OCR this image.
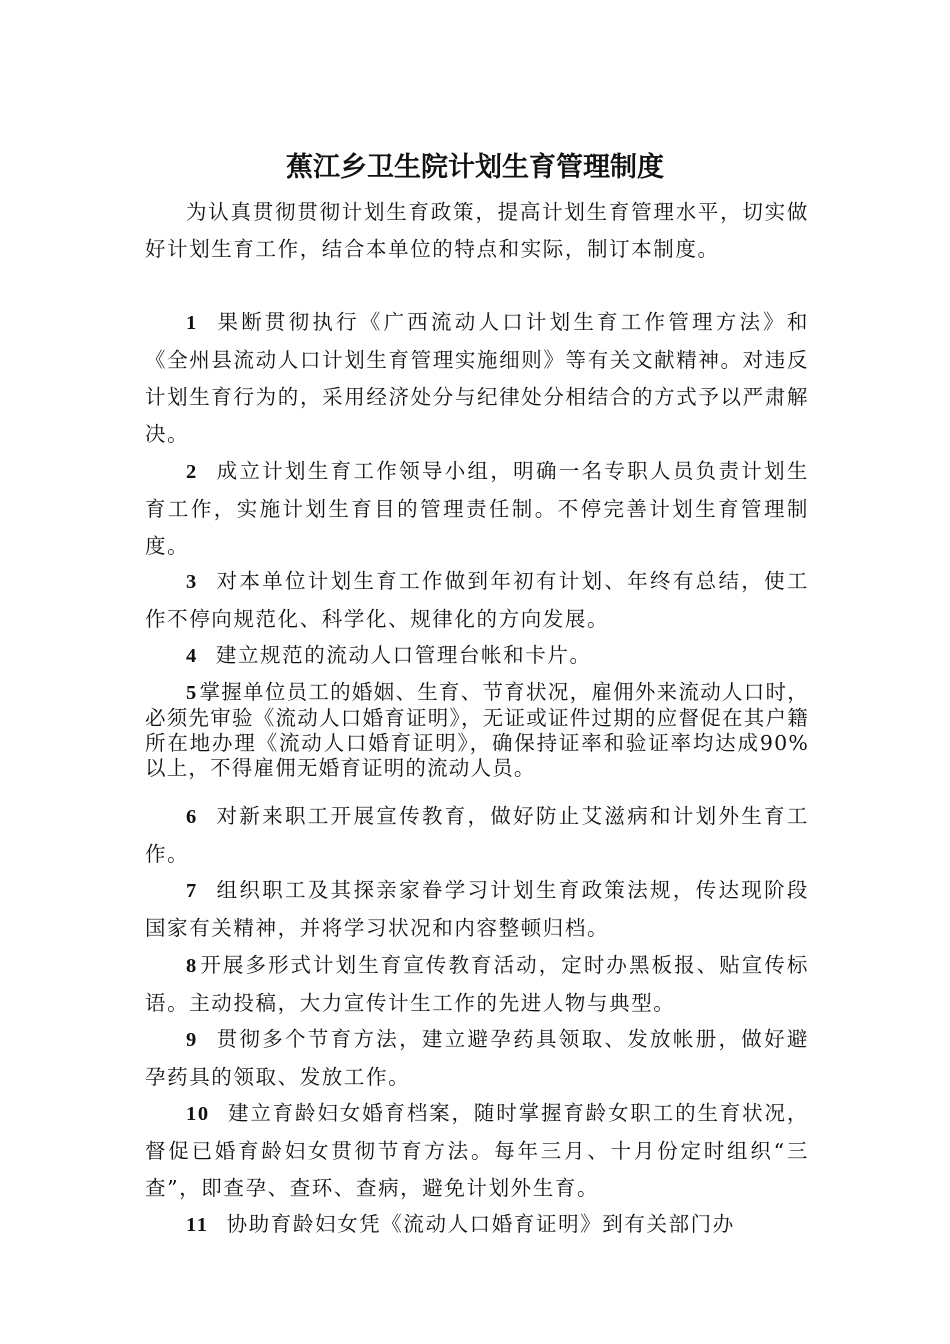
蕉江乡卫生院计划生育管理制度

为认真贯彻贯彻计划生育政策，提高计划生育管理水平，切实做好计划生育工作，结合本单位的特点和实际，制订本制度。

1 果断贯彻执行《广西流动人口计划生育工作管理方法》和《全州县流动人口计划生育管理实施细则》等有关文献精神。对违反计划生育行为的，采用经济处分与纪律处分相结合的方式予以严肃解决。

2 成立计划生育工作领导小组，明确一名专职人员负责计划生育工作，实施计划生育目的管理责任制。不停完善计划生育管理制度。

3 对本单位计划生育工作做到年初有计划、年终有总结，使工作不停向规范化、科学化、规律化的方向发展。

4 建立规范的流动人口管理台帐和卡片。

5掌握单位员工的婚姻、生育、节育状况，雇佣外来流动人口时，必须先审验《流动人口婚育证明》，无证或证件过期的应督促在其户籍所在地办理《流动人口婚育证明》，确保持证率和验证率均达成90%以上，不得雇佣无婚育证明的流动人员。

6 对新来职工开展宣传教育，做好防止艾滋病和计划外生育工作。

7 组织职工及其探亲家眷学习计划生育政策法规，传达现阶段国家有关精神，并将学习状况和内容整顿归档。

8开展多形式计划生育宣传教育活动，定时办黑板报、贴宣传标语。主动投稿，大力宣传计生工作的先进人物与典型。

9 贯彻多个节育方法，建立避孕药具领取、发放帐册，做好避孕药具的领取、发放工作。

10 建立育龄妇女婚育档案，随时掌握育龄女职工的生育状况，督促已婚育龄妇女贯彻节育方法。每年三月、十月份定时组织“三查”，即查孕、查环、查病，避免计划外生育。

11 协助育龄妇女凭《流动人口婚育证明》到有关部门办
